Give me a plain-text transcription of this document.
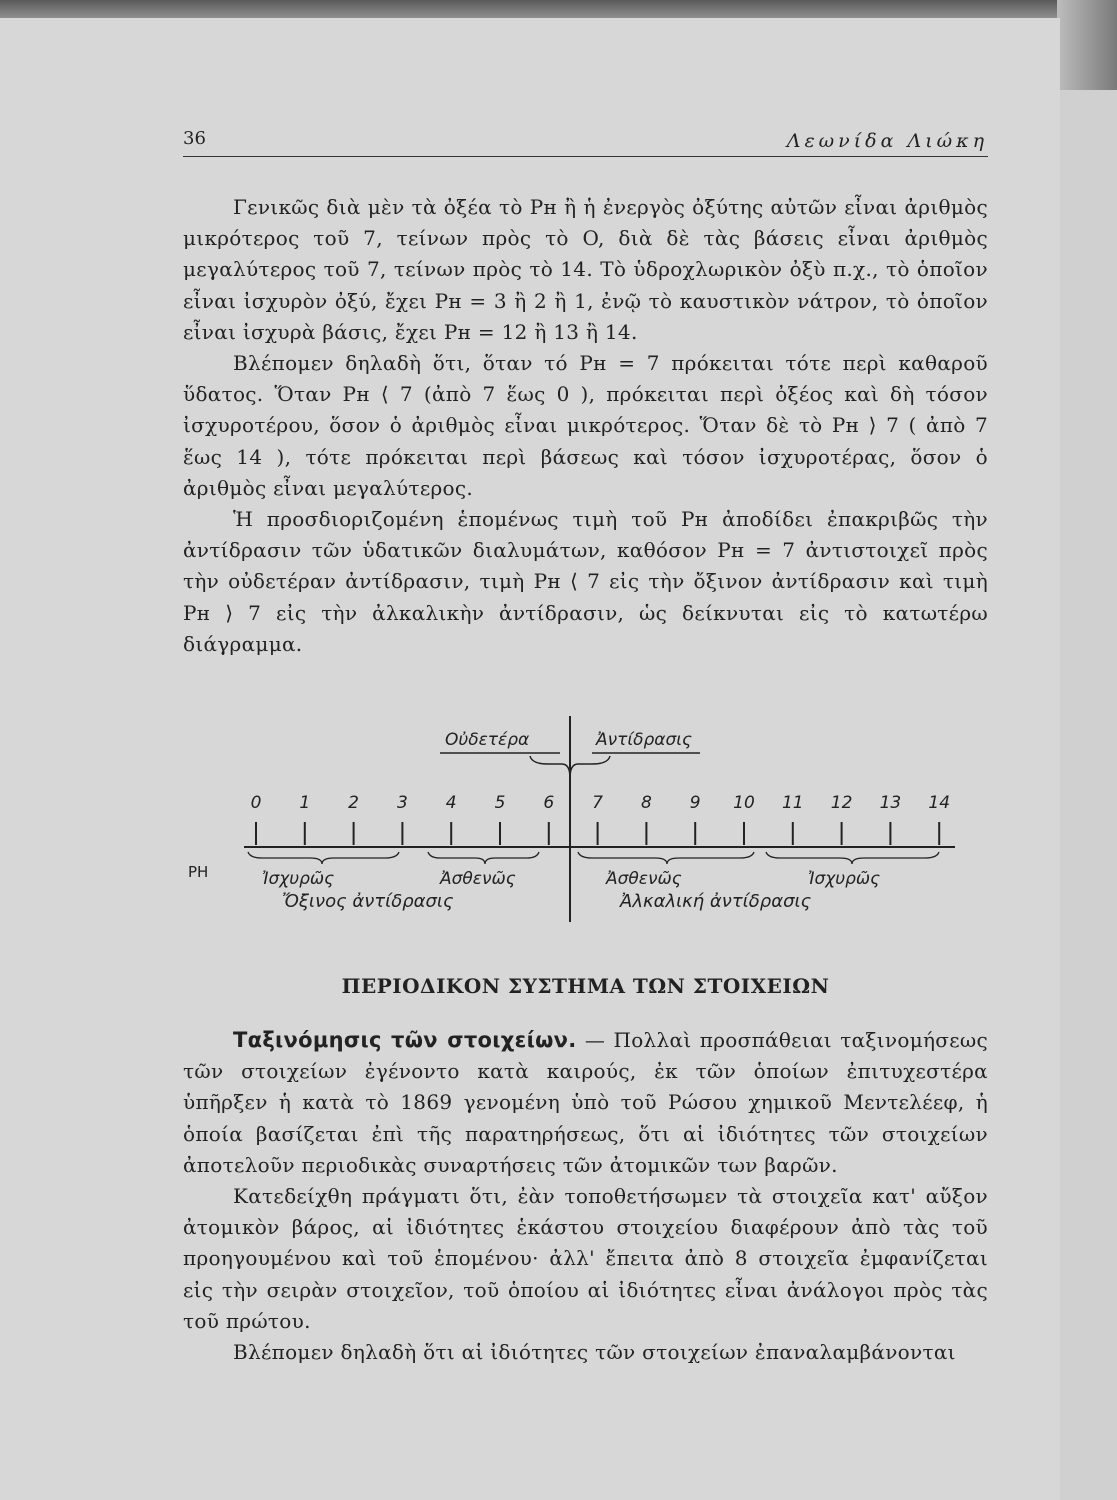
36	Λεωνίδα Λιώκη

Γενικῶς διὰ μὲν τὰ ὀξέα τὸ Pн ἢ ἡ ἐνεργὸς ὀξύτης αὐτῶν εἶναι ἀριθμὸς μικρότερος τοῦ 7, τείνων πρὸς τὸ O, διὰ δὲ τὰς βάσεις εἶναι ἀριθμὸς μεγαλύτερος τοῦ 7, τείνων πρὸς τὸ 14. Τὸ ὑδροχλωρικὸν ὀξὺ π.χ., τὸ ὁποῖον εἶναι ἰσχυρὸν ὀξύ, ἔχει Pн = 3 ἢ 2 ἢ 1, ἐνῷ τὸ καυστικὸν νάτρον, τὸ ὁποῖον εἶναι ἰσχυρὰ βάσις, ἔχει Pн = 12 ἢ 13 ἢ 14.

Βλέπομεν δηλαδὴ ὅτι, ὅταν τό Pн = 7 πρόκειται τότε περὶ καθαροῦ ὕδατος. Ὅταν Pн ⟨ 7 (ἀπὸ 7 ἕως 0 ), πρόκειται περὶ ὀξέος καὶ δὴ τόσον ἰσχυροτέρου, ὅσον ὁ ἀριθμὸς εἶναι μικρότερος. Ὅταν δὲ τὸ Pн ⟩ 7 ( ἀπὸ 7 ἕως 14 ), τότε πρόκειται περὶ βάσεως καὶ τόσον ἰσχυροτέρας, ὅσον ὁ ἀριθμὸς εἶναι μεγαλύτερος.

Ἡ προσδιοριζομένη ἑπομένως τιμὴ τοῦ Pн ἀποδίδει ἐπακριβῶς τὴν ἀντίδρασιν τῶν ὑδατικῶν διαλυμάτων, καθόσον Pн = 7 ἀντιστοιχεῖ πρὸς τὴν οὐδετέραν ἀντίδρασιν, τιμὴ Pн ⟨ 7 εἰς τὴν ὄξινον ἀντίδρασιν καὶ τιμὴ Pн ⟩ 7 εἰς τὴν ἀλκαλικὴν ἀντίδρασιν, ὡς δείκνυται εἰς τὸ κατωτέρω διάγραμμα.

Οὐδετέρα	Ἀντίδρασις
0 1 2 3 4 5 6 7 8 9 10 11 12 13 14
PH	Ἰσχυρῶς	Ἀσθενῶς	Ἀσθενῶς	Ἰσχυρῶς
Ὄξινος ἀντίδρασις	Ἀλκαλική ἀντίδρασις
ΠΕΡΙΟΔΙΚΟΝ ΣΥΣΤΗΜΑ ΤΩΝ ΣΤΟΙΧΕΙΩΝ

Ταξινόμησις τῶν στοιχείων. — Πολλαὶ προσπάθειαι ταξινομήσεως τῶν στοιχείων ἐγένοντο κατὰ καιρούς, ἐκ τῶν ὁποίων ἐπιτυχεστέρα ὑπῆρξεν ἡ κατὰ τὸ 1869 γενομένη ὑπὸ τοῦ Ρώσου χημικοῦ Μεντελέεφ, ἡ ὁποία βασίζεται ἐπὶ τῆς παρατηρήσεως, ὅτι αἱ ἰδιότητες τῶν στοιχείων ἀποτελοῦν περιοδικὰς συναρτήσεις τῶν ἀτομικῶν των βαρῶν.

Κατεδείχθη πράγματι ὅτι, ἐὰν τοποθετήσωμεν τὰ στοιχεῖα κατ' αὔξον ἀτομικὸν βάρος, αἱ ἰδιότητες ἑκάστου στοιχείου διαφέρουν ἀπὸ τὰς τοῦ προηγουμένου καὶ τοῦ ἑπομένου· ἀλλ' ἔπειτα ἀπὸ 8 στοιχεῖα ἐμφανίζεται εἰς τὴν σειρὰν στοιχεῖον, τοῦ ὁποίου αἱ ἰδιότητες εἶναι ἀνάλογοι πρὸς τὰς τοῦ πρώτου.

Βλέπομεν δηλαδὴ ὅτι αἱ ἰδιότητες τῶν στοιχείων ἐπαναλαμβάνονται
